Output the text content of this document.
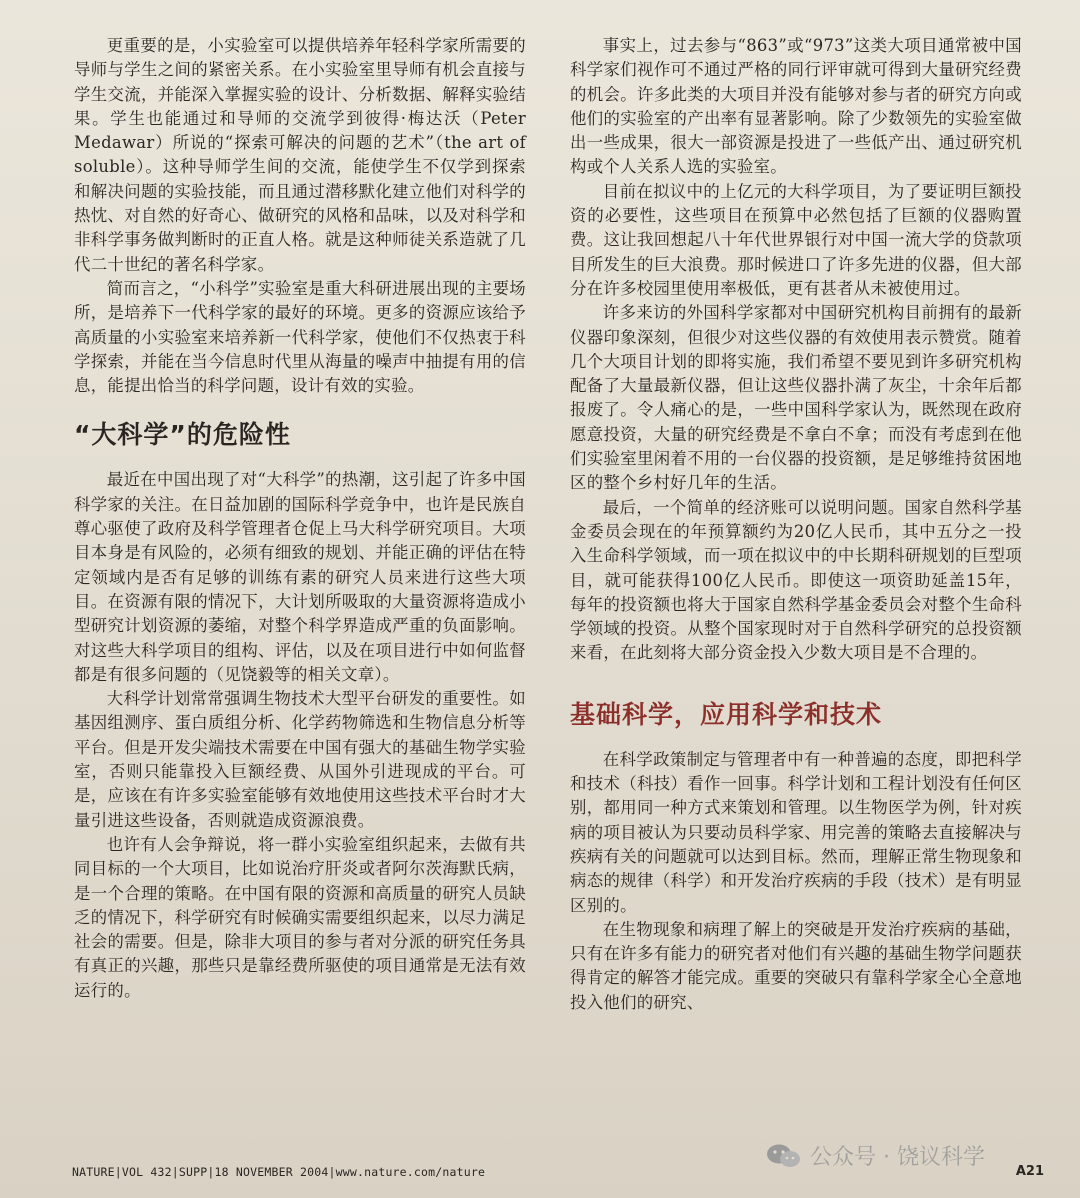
更重要的是，小实验室可以提供培养年轻科学家所需要的导师与学生之间的紧密关系。在小实验室里导师有机会直接与学生交流，并能深入掌握实验的设计、分析数据、解释实验结果。学生也能通过和导师的交流学到彼得·梅达沃（Peter Medawar）所说的“探索可解决的问题的艺术”（the art of soluble）。这种导师学生间的交流，能使学生不仅学到探索和解决问题的实验技能，而且通过潜移默化建立他们对科学的热忱、对自然的好奇心、做研究的风格和品味，以及对科学和非科学事务做判断时的正直人格。就是这种师徒关系造就了几代二十世纪的著名科学家。

简而言之，“小科学”实验室是重大科研进展出现的主要场所，是培养下一代科学家的最好的环境。更多的资源应该给予高质量的小实验室来培养新一代科学家，使他们不仅热衷于科学探索，并能在当今信息时代里从海量的噪声中抽提有用的信息，能提出恰当的科学问题，设计有效的实验。

“大科学”的危险性

最近在中国出现了对“大科学”的热潮，这引起了许多中国科学家的关注。在日益加剧的国际科学竞争中，也许是民族自尊心驱使了政府及科学管理者仓促上马大科学研究项目。大项目本身是有风险的，必须有细致的规划、并能正确的评估在特定领域内是否有足够的训练有素的研究人员来进行这些大项目。在资源有限的情况下，大计划所吸取的大量资源将造成小型研究计划资源的萎缩，对整个科学界造成严重的负面影响。对这些大科学项目的组构、评估，以及在项目进行中如何监督都是有很多问题的（见饶毅等的相关文章）。

大科学计划常常强调生物技术大型平台研发的重要性。如基因组测序、蛋白质组分析、化学药物筛选和生物信息分析等平台。但是开发尖端技术需要在中国有强大的基础生物学实验室，否则只能靠投入巨额经费、从国外引进现成的平台。可是，应该在有许多实验室能够有效地使用这些技术平台时才大量引进这些设备，否则就造成资源浪费。

也许有人会争辩说，将一群小实验室组织起来，去做有共同目标的一个大项目，比如说治疗肝炎或者阿尔茨海默氏病，是一个合理的策略。在中国有限的资源和高质量的研究人员缺乏的情况下，科学研究有时候确实需要组织起来，以尽力满足社会的需要。但是，除非大项目的参与者对分派的研究任务具有真正的兴趣，那些只是靠经费所驱使的项目通常是无法有效运行的。

事实上，过去参与“863”或“973”这类大项目通常被中国科学家们视作可不通过严格的同行评审就可得到大量研究经费的机会。许多此类的大项目并没有能够对参与者的研究方向或他们的实验室的产出率有显著影响。除了少数领先的实验室做出一些成果，很大一部资源是投进了一些低产出、通过研究机构或个人关系人选的实验室。

目前在拟议中的上亿元的大科学项目，为了要证明巨额投资的必要性，这些项目在预算中必然包括了巨额的仪器购置费。这让我回想起八十年代世界银行对中国一流大学的贷款项目所发生的巨大浪费。那时候进口了许多先进的仪器，但大部分在许多校园里使用率极低，更有甚者从未被使用过。

许多来访的外国科学家都对中国研究机构目前拥有的最新仪器印象深刻，但很少对这些仪器的有效使用表示赞赏。随着几个大项目计划的即将实施，我们希望不要见到许多研究机构配备了大量最新仪器，但让这些仪器扑满了灰尘，十余年后都报废了。令人痛心的是，一些中国科学家认为，既然现在政府愿意投资，大量的研究经费是不拿白不拿；而没有考虑到在他们实验室里闲着不用的一台仪器的投资额，是足够维持贫困地区的整个乡村好几年的生活。

最后，一个简单的经济账可以说明问题。国家自然科学基金委员会现在的年预算额约为20亿人民币，其中五分之一投入生命科学领域，而一项在拟议中的中长期科研规划的巨型项目，就可能获得100亿人民币。即使这一项资助延盖15年，每年的投资额也将大于国家自然科学基金委员会对整个生命科学领域的投资。从整个国家现时对于自然科学研究的总投资额来看，在此刻将大部分资金投入少数大项目是不合理的。

基础科学，应用科学和技术

在科学政策制定与管理者中有一种普遍的态度，即把科学和技术（科技）看作一回事。科学计划和工程计划没有任何区别，都用同一种方式来策划和管理。以生物医学为例，针对疾病的项目被认为只要动员科学家、用完善的策略去直接解决与疾病有关的问题就可以达到目标。然而，理解正常生物现象和病态的规律（科学）和开发治疗疾病的手段（技术）是有明显区别的。

在生物现象和病理了解上的突破是开发治疗疾病的基础，只有在许多有能力的研究者对他们有兴趣的基础生物学问题获得肯定的解答才能完成。重要的突破只有靠科学家全心全意地投入他们的研究、

NATURE|VOL 432|SUPP|18 NOVEMBER 2004|www.nature.com/nature
公众号 · 饶议科学
A21
